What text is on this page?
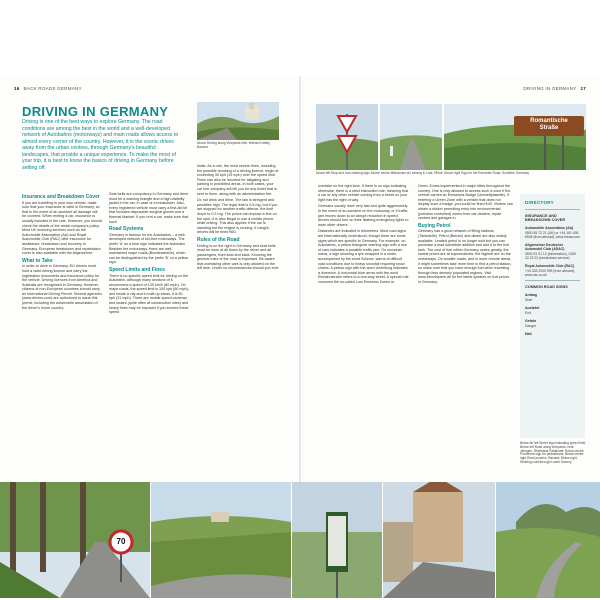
16 BACK ROADS GERMANY	DRIVING IN GERMANY 17
DRIVING IN GERMANY
Driving is one of the best ways to explore Germany. The road conditions are among the best in the world and a well-developed network of Autobahns (motorways) and main roads allows access to almost every corner of the country. However, it is the scenic drives away from the urban centres, through Germany's beautiful landscapes, that provide a unique experience. To make the most of your trip, it is best to know the basics of driving in Germany before setting off.
Above Driving along Vineyards hills, Wertach Valley, Bavaria
Romantische
Straße
Above left Stop and Low clearing sign; Above centre Milestones at Leeburg in Lahr, Rhine; Above right Sign for the Romantic Road, Southern Germany
Insurance and Breakdown Cover

If you are travelling in your own vehicle, make sure that your insurance is valid in Germany, so that in the event of an accident all damage will be covered. When renting a car, insurance is usually included in the rate. However, you should check the details of the rental company's policy. Most UK motoring services such as the Automobile Association (AA) and Royal Automobile Club (RAC) offer insurance for assistance, breakdown and recovery in Germany. European breakdown and repatriation cover is also available with the Allgemeiner.

What to Take

In order to drive in Germany, EU drivers must hold a valid driving licence and carry the registration documents and insurance policy for the vehicle. Driving licences from America and Australia are recognized in Germany. However, citizens of non-European countries should carry an International Driving Permit. Several agencies (www.drivers.com) are authorized to issue this permit, including the automobile association of the driver's home country.

Seat belts are compulsory in Germany and there must be a warning triangle and a high-visibility jacket in the car, in case of a breakdown. Also, every registered vehicle must carry a first-aid kit that includes disposable surgical gloves and a thermal blanket. If you rent a car, make sure that such

Road Systems

Germany is famous for the Autobahns – a well-developed network of toll-free motorways. The prefix 'A' on a blue sign indicates the Autobahn. Besides the motorways, there are well-maintained major roads (Bundesstraße), which can be distinguished by the prefix 'B' on a yellow sign.

Speed Limits and Fines

There is no specific speed limit for driving on the Autobahn, although many sections of it recommend a speed of 130 km/h (80 mph). On major roads, the speed limit is 100 kph (60 mph), and inside a city and in built-up areas, it is 50 kph (31 mph). There are mobile speed cameras and radars (quite often at construction sites) and heavy fines may be imposed if you exceed these speed

limits. As a rule, the most severe fines, including the possible revoking of a driving licence, begin at exceeding 30 kph (19 mph) over the speed limit. Fines can also be incurred for tailgating and parking in prohibited areas. In both cases, your car hire company will bill you for any ticket that is sent to them, along with an administration fee.

Do not drink and drive. The law is stringent and penalties high. The legal limit is 0.5 mg, but if you are stopped for another traffic offence, the limit drops to 0.3 mg. The police can impose a fine on the spot. It is also illegal to use a mobile phone while driving. This also applies if the car is standing but the engine is running. If caught, drivers will be fined €60.

Rules of the Road

Driving is on the right in Germany and seat belts must be worn at all times by the driver and all passengers, front seat and back. Knowing the general rules of the road is important. Be aware that overtaking other cars is only allowed on the left lane. Under no circumstances should you ever

overtake on the right lane. If there is no sign indicating otherwise, there is a strict instruction rule, meaning that a car or any other vehicle coming from a street on your right has the right of way.

Germans usually drive very fast and quite aggressively. In the event of an accident on the motorway, or if traffic jam moves down to an abrupt reduction in speed, drivers should turn on their flashing emergency lights to warn other drivers.

Distances are indicated in kilometres. Most road signs are internationally understood, though there are some signs which are specific to Germany. For example, on Autobahns, a yellow triangular warning sign with a row of cars indicates a possible traffic jam. On mountain roads, a sign showing a tyre wrapped in a chain, accompanied by the word Schnee, warns of difficult road conditions due to heavy snowfall requiring snow chains. A yellow sign with the word Umleitung indicates a diversion. A horizontal blue arrow with the word Einbahnstraße refers to a one-way street. A special rule concerns the so-called Low Emission Zones or

Green Zones implemented in major cities throughout the country. One is only allowed to access such a zone if the vehicle carries an Emissions Badge (Umweltplakette). If entering a Green Zone with a vehicle that does not display such a badge, you could be fined €40. Visitors can obtain a sticker permitting entry into environmental (pollution controlled) zones from car dealers, repair centres and garages in

Buying Petrol

Germany has a good network of filling stations (Tankstelle). Petrol (Benzin) and diesel are also widely available. Leaded petrol is no longer sold but you can purchase a lead substitute additive and add it to the fuel tank. The cost of fuel within Germany varies greatly, the lowest prices are at supermarkets; the highest are on the motorways. On smaller roads, and in more remote areas, it might sometimes take more time to find a petrol station, so make sure that you have enough fuel when travelling through less densely populated regions. Visit www.benzinpreis.de for the latest updates on fuel prices in Germany.

DIRECTORY
INSURANCE AND BREAKDOWN COVER
Automobile Association (AA)
0800 85 72 21 (UK) or +44 161 495 8945 (from abroad), www.theaa.com
Allgemeiner Deutscher Automobil Club (ADAC)
0800 51 01 12 (information), 0180 22 22 22 (breakdown service)
Royal Automobile Club (RAC)
+44 333 2000 999 (from abroad); www.rac.co.uk
COMMON ROAD SIGNS
Anfang
Start
Ausfahrt
Exit
Gefahr
Danger
Halt
Below far left Street sign indicating speed limit; Below left Road along vineyards, near Jetingen, Rheinland-Palatinate; Below centre Prominent sign for pedestrians; Below centre right Road junction, Bavaria; Below right Winding road through Lower Saxony
70
